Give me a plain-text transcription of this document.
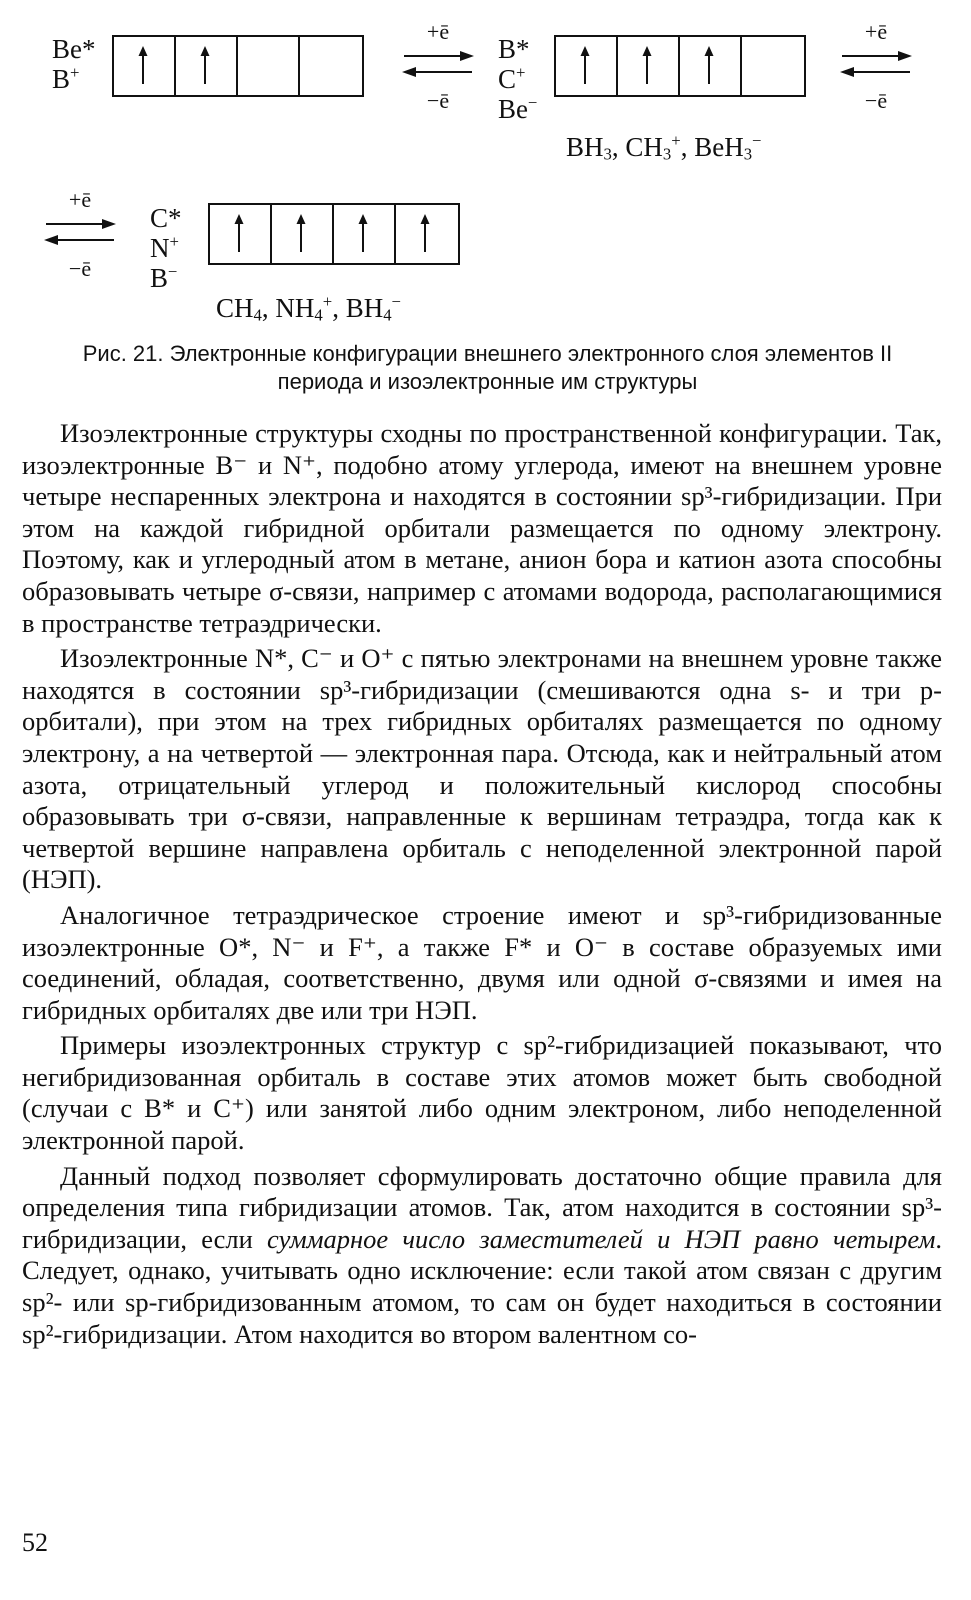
Be*
B+
+ē
−ē
B*
C+
Be−
$BH_3$, $CH_3^+$, BeH$_3$−
+ē
−ē
+ē
−ē
C*
N+
B−
$CH_4$, $NH_4^+$, $BH_4^-$
Рис. 21. Электронные конфигурации внешнего электронного слоя элементов II периода и изоэлектронные им структуры

Изоэлектронные структуры сходны по пространственной конфигурации. Так, изоэлектронные B⁻ и N⁺, подобно атому углерода, имеют на внешнем уровне четыре неспаренных электрона и находятся в состоянии sp³-гибридизации. При этом на каждой гибридной орбитали размещается по одному электрону. Поэтому, как и углеродный атом в метане, анион бора и катион азота способны образовывать четыре σ-связи, например с атомами водорода, располагающимися в пространстве тетраэдрически.

Изоэлектронные N*, C⁻ и O⁺ с пятью электронами на внешнем уровне также находятся в состоянии sp³-гибридизации (смешиваются одна s- и три p-орбитали), при этом на трех гибридных орбиталях размещается по одному электрону, а на четвертой — электронная пара. Отсюда, как и нейтральный атом азота, отрицательный углерод и положительный кислород способны образовывать три σ-связи, направленные к вершинам тетраэдра, тогда как к четвертой вершине направлена орбиталь с неподеленной электронной парой (НЭП).

Аналогичное тетраэдрическое строение имеют и sp³-гибридизованные изоэлектронные O*, N⁻ и F⁺, а также F* и O⁻ в составе образуемых ими соединений, обладая, соответственно, двумя или одной σ-связями и имея на гибридных орбиталях две или три НЭП.

Примеры изоэлектронных структур с sp²-гибридизацией показывают, что негибридизованная орбиталь в составе этих атомов может быть свободной (случаи с B* и C⁺) или занятой либо одним электроном, либо неподеленной электронной парой.

Данный подход позволяет сформулировать достаточно общие правила для определения типа гибридизации атомов. Так, атом находится в состоянии sp³-гибридизации, если суммарное число заместителей и НЭП равно четырем. Следует, однако, учитывать одно исключение: если такой атом связан с другим sp²- или sp-гибридизованным атомом, то сам он будет находиться в состоянии sp²-гибридизации. Атом находится во втором валентном со-

52
